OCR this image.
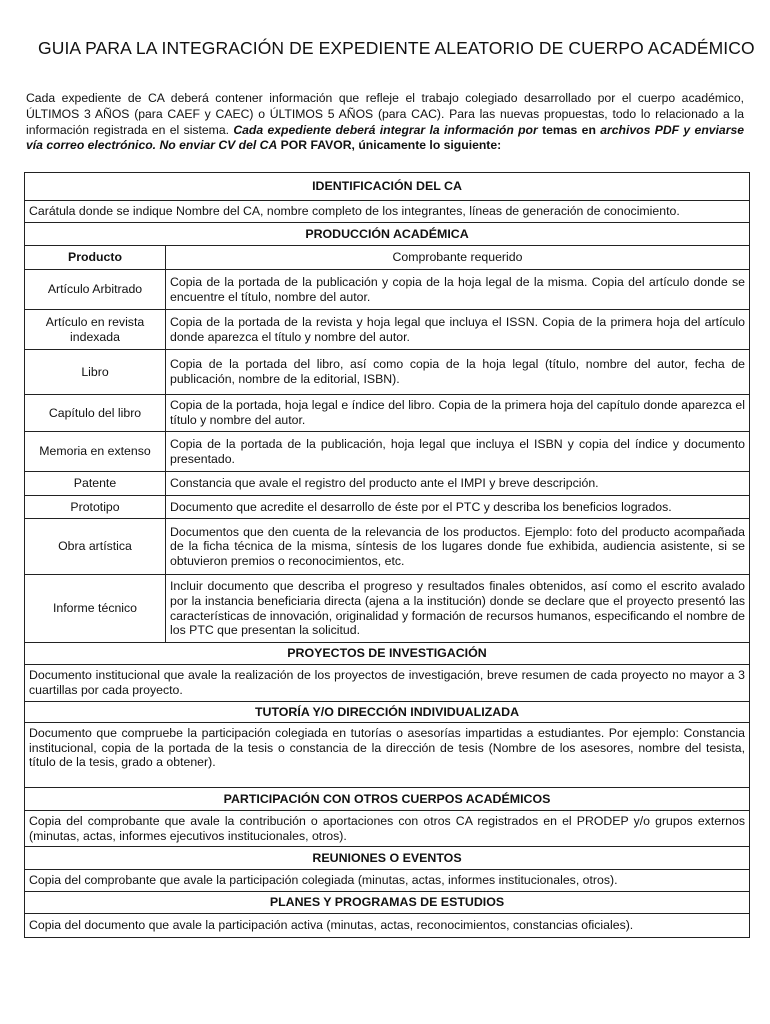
GUIA PARA LA INTEGRACIÓN DE EXPEDIENTE ALEATORIO DE CUERPO ACADÉMICO
Cada expediente de CA deberá contener información que refleje el trabajo colegiado desarrollado por el cuerpo académico, ÚLTIMOS 3 AÑOS (para CAEF y CAEC) o ÚLTIMOS 5 AÑOS (para CAC). Para las nuevas propuestas, todo lo relacionado a la información registrada en el sistema. Cada expediente deberá integrar la información por temas en archivos PDF y enviarse vía correo electrónico. No enviar CV del CA POR FAVOR, únicamente lo siguiente:
IDENTIFICACIÓN DEL CA	
Carátula donde se indique Nombre del CA, nombre completo de los integrantes, líneas de generación de conocimiento.	
PRODUCCIÓN ACADÉMICA	
Producto	Comprobante requerido
Artículo Arbitrado	Copia de la portada de la publicación y copia de la hoja legal de la misma. Copia del artículo donde se encuentre el título, nombre del autor.
Artículo en revista indexada	Copia de la portada de la revista y hoja legal que incluya el ISSN. Copia de la primera hoja del artículo donde aparezca el título y nombre del autor.
Libro	Copia de la portada del libro, así como copia de la hoja legal (título, nombre del autor, fecha de publicación, nombre de la editorial, ISBN).
Capítulo del libro	Copia de la portada, hoja legal e índice del libro. Copia de la primera hoja del capítulo donde aparezca el título y nombre del autor.
Memoria en extenso	Copia de la portada de la publicación, hoja legal que incluya el ISBN y copia del índice y documento presentado.
Patente	Constancia que avale el registro del producto ante el IMPI y breve descripción.
Prototipo	Documento que acredite el desarrollo de éste por el PTC y describa los beneficios logrados.
Obra artística	Documentos que den cuenta de la relevancia de los productos. Ejemplo: foto del producto acompañada de la ficha técnica de la misma, síntesis de los lugares donde fue exhibida, audiencia asistente, si se obtuvieron premios o reconocimientos, etc.
Informe técnico	Incluir documento que describa el progreso y resultados finales obtenidos, así como el escrito avalado por la instancia beneficiaria directa (ajena a la institución) donde se declare que el proyecto presentó las características de innovación, originalidad y formación de recursos humanos, especificando el nombre de los PTC que presentan la solicitud.
PROYECTOS DE INVESTIGACIÓN	
Documento institucional que avale la realización de los proyectos de investigación, breve resumen de cada proyecto no mayor a 3 cuartillas por cada proyecto.	
TUTORÍA Y/O DIRECCIÓN INDIVIDUALIZADA	
Documento que compruebe la participación colegiada en tutorías o asesorías impartidas a estudiantes. Por ejemplo: Constancia institucional, copia de la portada de la tesis o constancia de la dirección de tesis (Nombre de los asesores, nombre del tesista, título de la tesis, grado a obtener).	
PARTICIPACIÓN CON OTROS CUERPOS ACADÉMICOS	
Copia del comprobante que avale la contribución o aportaciones con otros CA registrados en el PRODEP y/o grupos externos (minutas, actas, informes ejecutivos institucionales, otros).	
REUNIONES O EVENTOS	
Copia del comprobante que avale la participación colegiada (minutas, actas, informes institucionales, otros).	
PLANES Y PROGRAMAS DE ESTUDIOS	
Copia del documento que avale la participación activa (minutas, actas, reconocimientos, constancias oficiales).	
